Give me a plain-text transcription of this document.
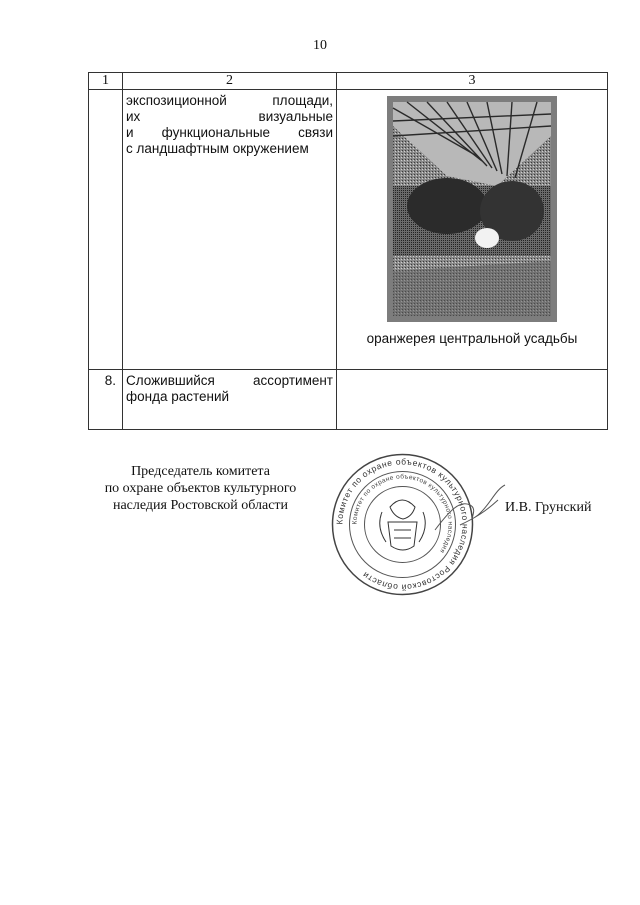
10
1	2	3

	экспозиционной площади,
их визуальные
и функциональные связи
с ландшафтным окружением	оранжерея центральной усадьбы

8.	Сложившийся ассортимент
фонда растений	

Председатель комитета
по охране объектов культурного
наследия Ростовской области
Комитет по охране объектов культурного наследия Ростовской области
Комитет по охране объектов культурного наследия
И.В. Грунский
